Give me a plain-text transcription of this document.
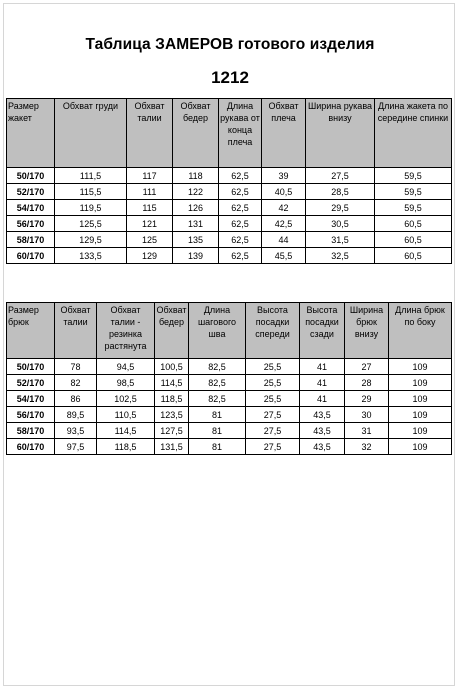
Таблица ЗАМЕРОВ готового изделия
1212
Размер жакет	Обхват груди	Обхват талии	Обхват бедер	Длина рукава от конца плеча	Обхват плеча	Ширина рукава внизу	Длина жакета по середине спинки
50/170	111,5	117	118	62,5	39	27,5	59,5
52/170	115,5	111	122	62,5	40,5	28,5	59,5
54/170	119,5	115	126	62,5	42	29,5	59,5
56/170	125,5	121	131	62,5	42,5	30,5	60,5
58/170	129,5	125	135	62,5	44	31,5	60,5
60/170	133,5	129	139	62,5	45,5	32,5	60,5
Размер брюк	Обхват талии	Обхват талии - резинка растянута	Обхват бедер	Длина шагового шва	Высота посадки спереди	Высота посадки сзади	Ширина брюк внизу	Длина брюк по боку
50/170	78	94,5	100,5	82,5	25,5	41	27	109
52/170	82	98,5	114,5	82,5	25,5	41	28	109
54/170	86	102,5	118,5	82,5	25,5	41	29	109
56/170	89,5	110,5	123,5	81	27,5	43,5	30	109
58/170	93,5	114,5	127,5	81	27,5	43,5	31	109
60/170	97,5	118,5	131,5	81	27,5	43,5	32	109
